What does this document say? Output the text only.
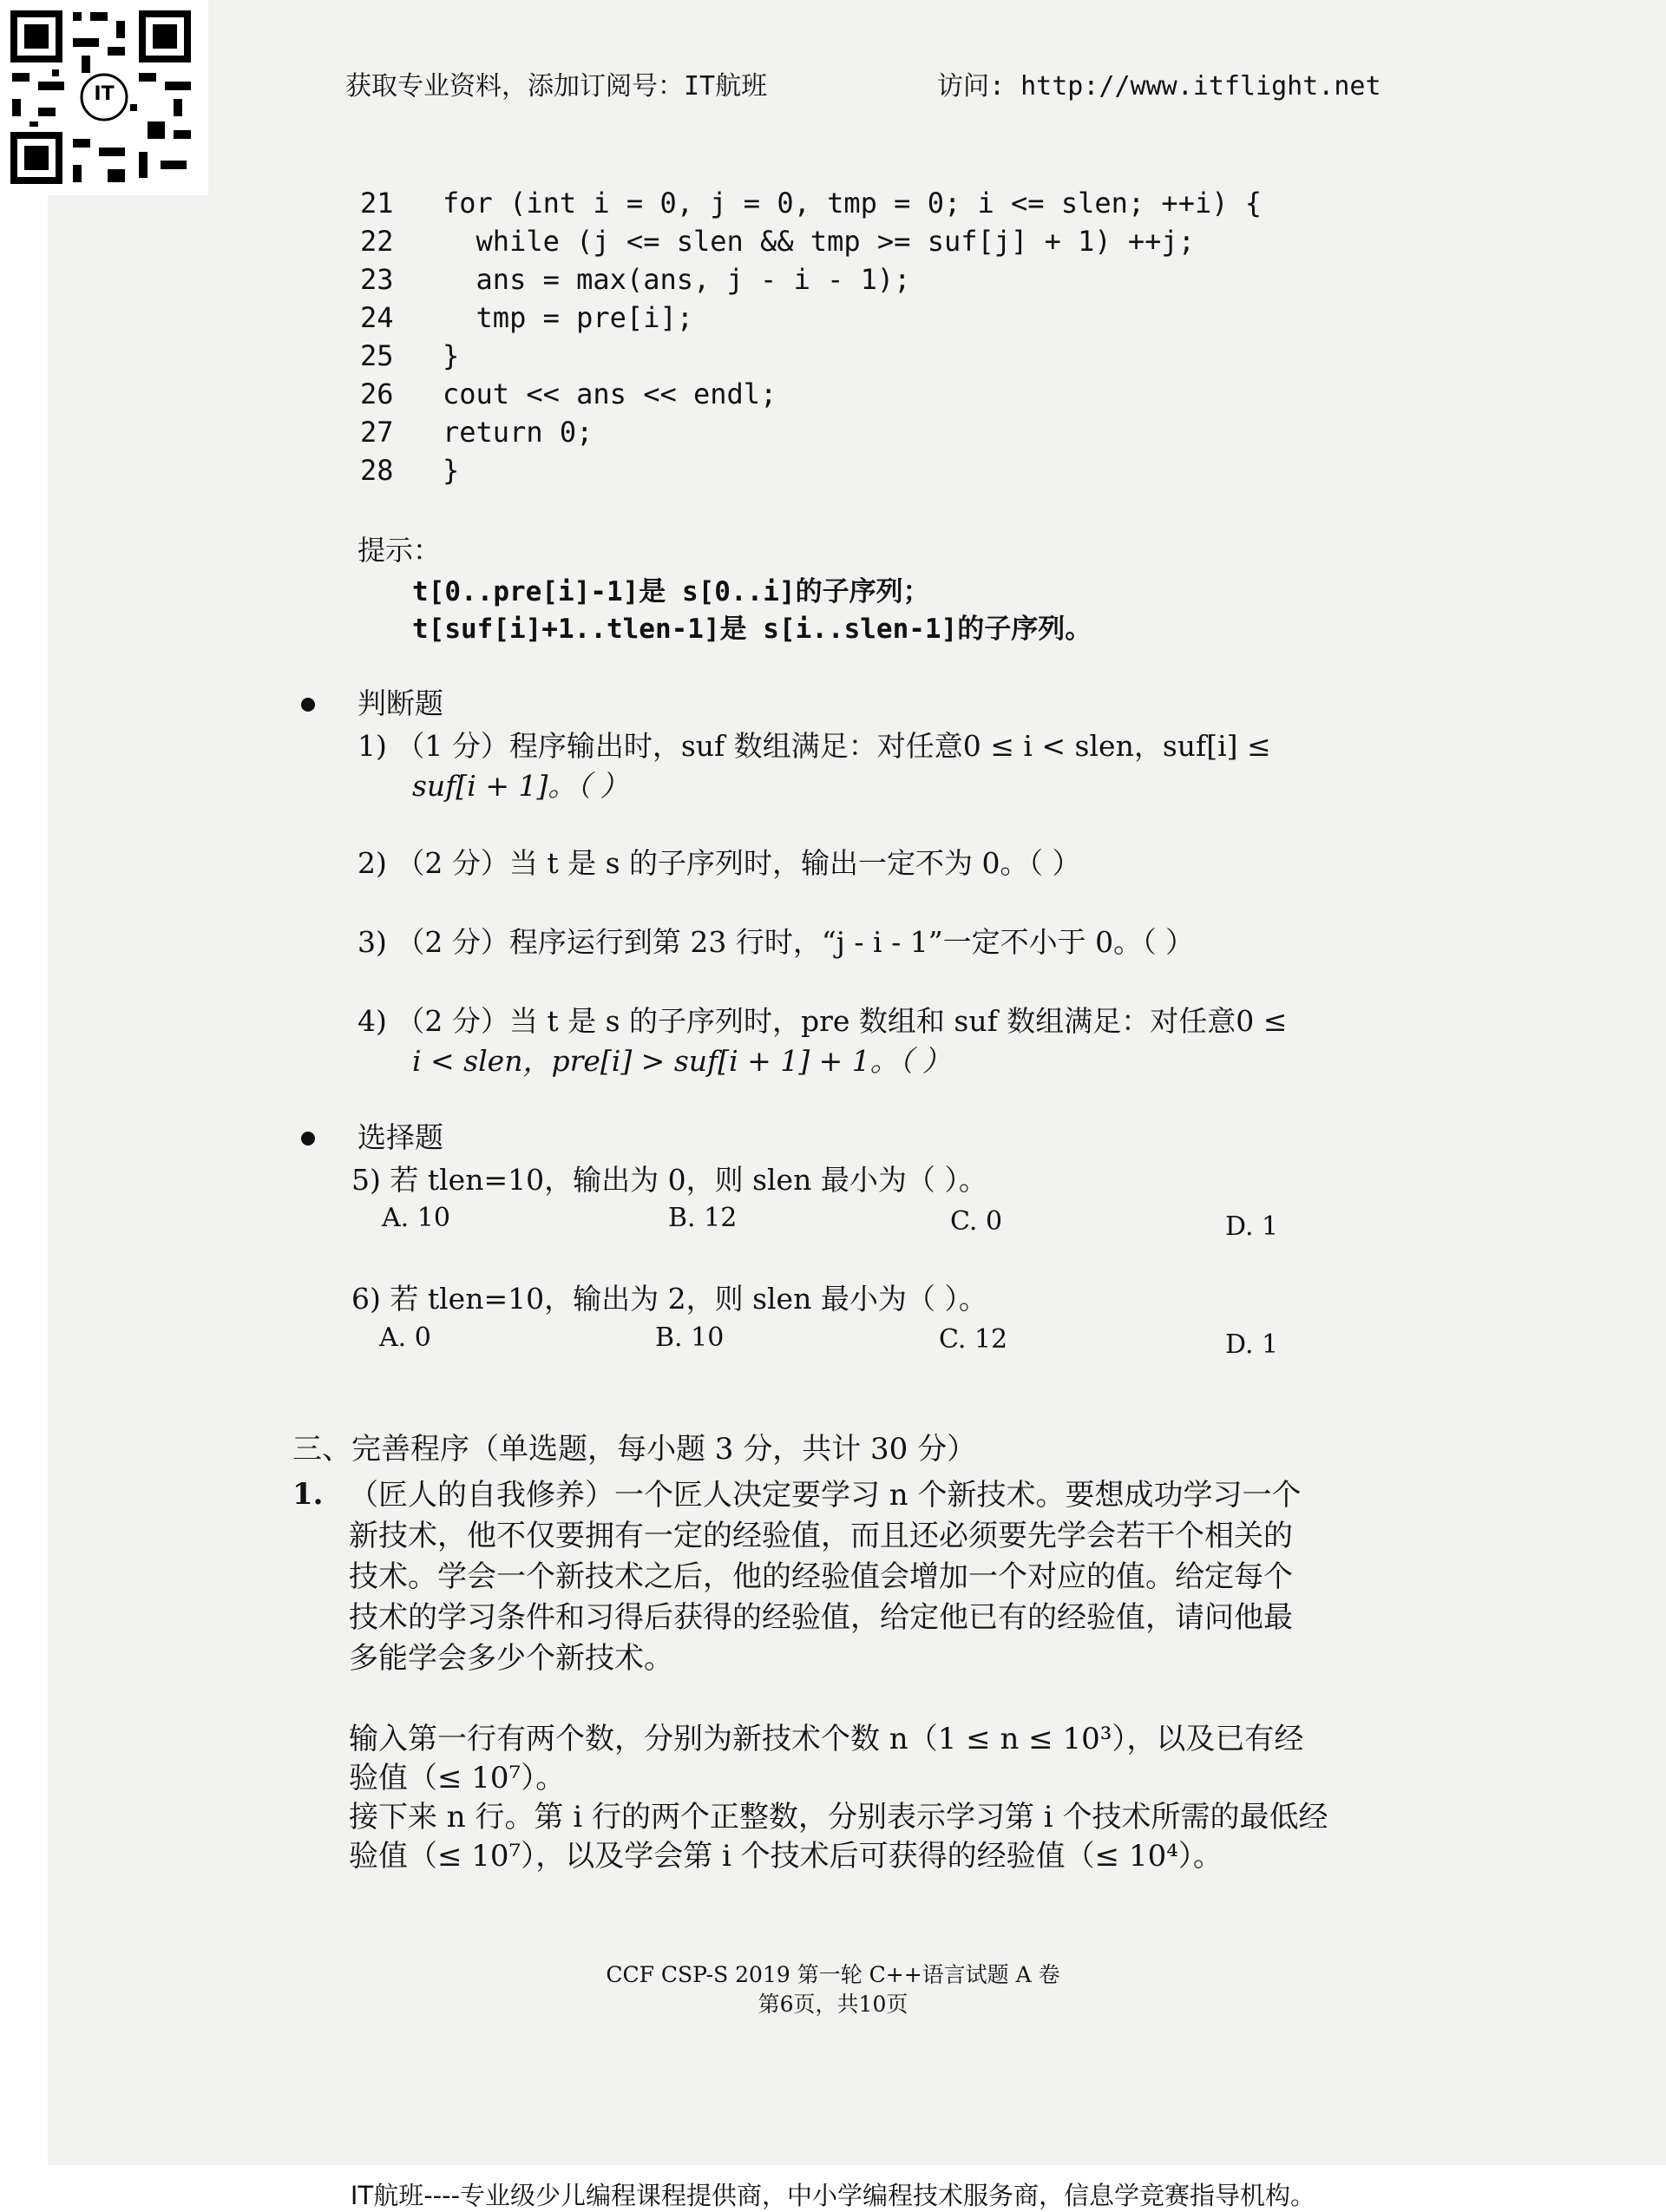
IT	获取专业资料，添加订阅号：IT航班	访问: http://www.itflight.net
21 for (int i = 0, j = 0, tmp = 0; i <= slen; ++i) {
22  while (j <= slen && tmp >= suf[j] + 1) ++j;
23  ans = max(ans, j - i - 1);
24  tmp = pre[i];
25 }
26 cout << ans << endl;
27 return 0;
28 }
提示：
t[0..pre[i]-1]是 s[0..i]的子序列；
t[suf[i]+1..tlen-1]是 s[i..slen-1]的子序列。
判断题
1) （1 分）程序输出时，suf 数组满足：对任意0 ≤ i < slen，suf[i] ≤
suf[i + 1]。（ ）
2) （2 分）当 t 是 s 的子序列时，输出一定不为 0。（ ）
3) （2 分）程序运行到第 23 行时，“j - i - 1”一定不小于 0。（ ）
4) （2 分）当 t 是 s 的子序列时，pre 数组和 suf 数组满足：对任意0 ≤
i < slen，pre[i] > suf[i + 1] + 1。（ ）
选择题
5) 若 tlen=10，输出为 0，则 slen 最小为（ ）。
A. 10	B. 12	C. 0	D. 1
6) 若 tlen=10，输出为 2，则 slen 最小为（ ）。
A. 0	B. 10	C. 12	D. 1
三、完善程序（单选题，每小题 3 分，共计 30 分）
1. （匠人的自我修养）一个匠人决定要学习 n 个新技术。要想成功学习一个
新技术，他不仅要拥有一定的经验值，而且还必须要先学会若干个相关的
技术。学会一个新技术之后，他的经验值会增加一个对应的值。给定每个
技术的学习条件和习得后获得的经验值，给定他已有的经验值，请问他最
多能学会多少个新技术。
输入第一行有两个数，分别为新技术个数 n（1 ≤ n ≤ 10³），以及已有经
验值（≤ 10⁷）。
接下来 n 行。第 i 行的两个正整数，分别表示学习第 i 个技术所需的最低经
验值（≤ 10⁷），以及学会第 i 个技术后可获得的经验值（≤ 10⁴）。
CCF CSP-S 2019 第一轮 C++语言试题 A 卷
第6页，共10页
IT航班----专业级少儿编程课程提供商，中小学编程技术服务商，信息学竞赛指导机构。
